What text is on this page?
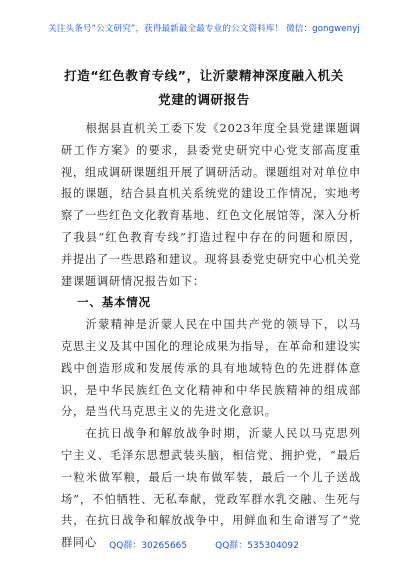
关注头条号“公文研究”，获得最新最全最专业的公文资料库！ 微信：gongwenyj
打造“红色教育专线”，让沂蒙精神深度融入机关党建的调研报告

根据县直机关工委下发《2023年度全县党建课题调研工作方案》的要求，县委党史研究中心党支部高度重视，组成调研课题组开展了调研活动。课题组对对单位申报的课题，结合县直机关系统党的建设工作情况，实地考察了一些红色文化教育基地、红色文化展馆等，深入分析了我县“红色教育专线”打造过程中存在的问题和原因，并提出了一些思路和建议。现将县委党史研究中心机关党建课题调研情况报告如下：

一、基本情况

沂蒙精神是沂蒙人民在中国共产党的领导下，以马克思主义及其中国化的理论成果为指导，在革命和建设实践中创造形成和发展传承的具有地域特色的先进群体意识，是中华民族红色文化精神和中华民族精神的组成部分，是当代马克思主义的先进文化意识。

在抗日战争和解放战争时期，沂蒙人民以马克思列宁主义、毛泽东思想武装头脑，相信党、拥护党，“最后一粒米做军粮，最后一块布做军装，最后一个儿子送战场”，不怕牺牲、无私奉献，党政军群水乳交融、生死与共，在抗日战争和解放战争中，用鲜血和生命谱写了“党群同心	QQ群：30265665	QQ群：535304092
